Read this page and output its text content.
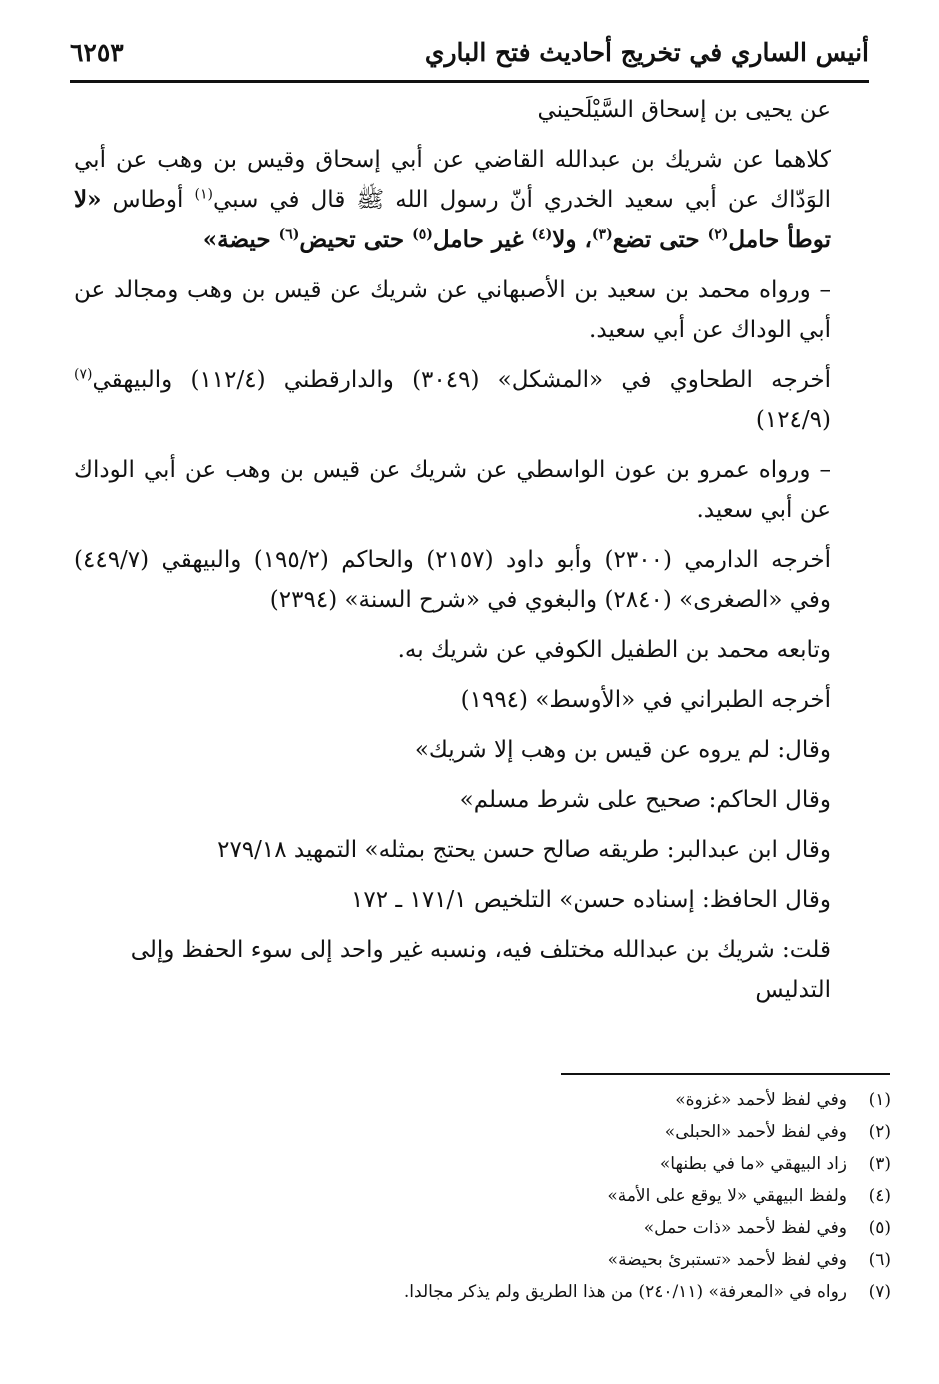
أنيس الساري في تخريج أحاديث فتح الباري
٦٢٥٣

عن يحيى بن إسحاق السَّيْلَحيني

كلاهما عن شريك بن عبدالله القاضي عن أبي إسحاق وقيس بن وهب عن أبي الوَدّاك عن أبي سعيد الخدري أنّ رسول الله ﷺ قال في سبي$^{(١)}$ أوطاس «لا توطأ حامل$^{(٢)}$ حتى تضع$^{(٣)}$، ولا$^{(٤)}$ غير حامل$^{(٥)}$ حتى تحيض$^{(٦)}$ حيضة»

– ورواه محمد بن سعيد بن الأصبهاني عن شريك عن قيس بن وهب ومجالد عن أبي الوداك عن أبي سعيد.

أخرجه الطحاوي في «المشكل» (٣٠٤٩) والدارقطني (١١٢/٤) والبيهقي$^{(٧)}$ (١٢٤/٩)

– ورواه عمرو بن عون الواسطي عن شريك عن قيس بن وهب عن أبي الوداك عن أبي سعيد.

أخرجه الدارمي (٢٣٠٠) وأبو داود (٢١٥٧) والحاكم (١٩٥/٢) والبيهقي (٤٤٩/٧) وفي «الصغرى» (٢٨٤٠) والبغوي في «شرح السنة» (٢٣٩٤)

وتابعه محمد بن الطفيل الكوفي عن شريك به.

أخرجه الطبراني في «الأوسط» (١٩٩٤)

وقال: لم يروه عن قيس بن وهب إلا شريك»

وقال الحاكم: صحيح على شرط مسلم»

وقال ابن عبدالبر: طريقه صالح حسن يحتج بمثله» التمهيد ٢٧٩/١٨

وقال الحافظ: إسناده حسن» التلخيص ١٧١/١ ـ ١٧٢

قلت: شريك بن عبدالله مختلف فيه، ونسبه غير واحد إلى سوء الحفظ وإلى التدليس

(١)وفي لفظ لأحمد «غزوة»
(٢)وفي لفظ لأحمد «الحبلى»
(٣)زاد البيهقي «ما في بطنها»
(٤)ولفظ البيهقي «لا يوقع على الأمة»
(٥)وفي لفظ لأحمد «ذات حمل»
(٦)وفي لفظ لأحمد «تستبرئ بحيضة»
(٧)رواه في «المعرفة» (٢٤٠/١١) من هذا الطريق ولم يذكر مجالدا.
